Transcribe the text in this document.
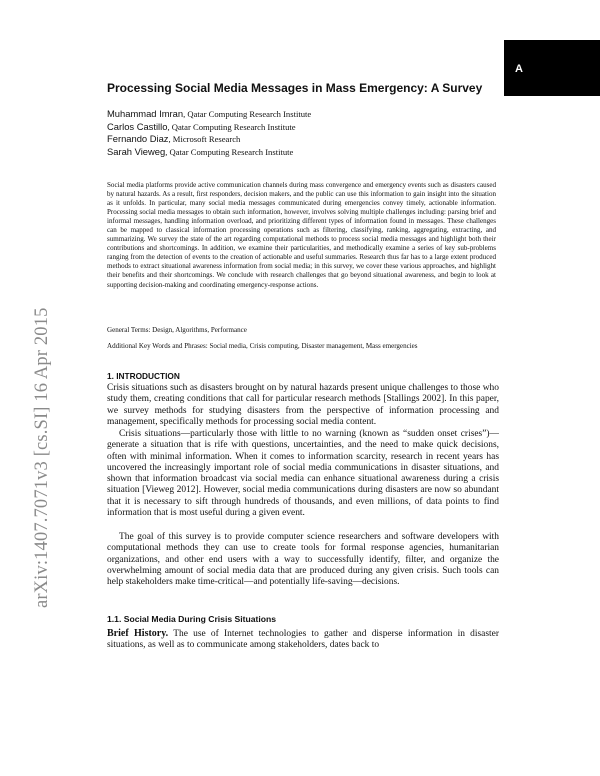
A
arXiv:1407.7071v3 [cs.SI] 16 Apr 2015
Processing Social Media Messages in Mass Emergency: A Survey
Muhammad Imran, Qatar Computing Research Institute
Carlos Castillo, Qatar Computing Research Institute
Fernando Diaz, Microsoft Research
Sarah Vieweg, Qatar Computing Research Institute

Social media platforms provide active communication channels during mass convergence and emergency events such as disasters caused by natural hazards. As a result, first responders, decision makers, and the public can use this information to gain insight into the situation as it unfolds. In particular, many social media messages communicated during emergencies convey timely, actionable information. Processing social media messages to obtain such information, however, involves solving multiple challenges including: parsing brief and informal messages, handling information overload, and prioritizing different types of information found in messages. These challenges can be mapped to classical information processing operations such as filtering, classifying, ranking, aggregating, extracting, and summarizing. We survey the state of the art regarding computational methods to process social media messages and highlight both their contributions and shortcomings. In addition, we examine their particularities, and methodically examine a series of key sub-problems ranging from the detection of events to the creation of actionable and useful summaries. Research thus far has to a large extent produced methods to extract situational awareness information from social media; in this survey, we cover these various approaches, and highlight their benefits and their shortcomings. We conclude with research challenges that go beyond situational awareness, and begin to look at supporting decision-making and coordinating emergency-response actions.

General Terms: Design, Algorithms, Performance

Additional Key Words and Phrases: Social media, Crisis computing, Disaster management, Mass emergencies

1. INTRODUCTION

Crisis situations such as disasters brought on by natural hazards present unique challenges to those who study them, creating conditions that call for particular research methods [Stallings 2002]. In this paper, we survey methods for studying disasters from the perspective of information processing and management, specifically methods for processing social media content.

Crisis situations—particularly those with little to no warning (known as “sudden onset crises”)—generate a situation that is rife with questions, uncertainties, and the need to make quick decisions, often with minimal information. When it comes to information scarcity, research in recent years has uncovered the increasingly important role of social media communications in disaster situations, and shown that information broadcast via social media can enhance situational awareness during a crisis situation [Vieweg 2012]. However, social media communications during disasters are now so abundant that it is necessary to sift through hundreds of thousands, and even millions, of data points to find information that is most useful during a given event.

The goal of this survey is to provide computer science researchers and software developers with computational methods they can use to create tools for formal response agencies, humanitarian organizations, and other end users with a way to successfully identify, filter, and organize the overwhelming amount of social media data that are produced during any given crisis. Such tools can help stakeholders make time-critical—and potentially life-saving—decisions.

1.1. Social Media During Crisis Situations

Brief History. The use of Internet technologies to gather and disperse information in disaster situations, as well as to communicate among stakeholders, dates back to
